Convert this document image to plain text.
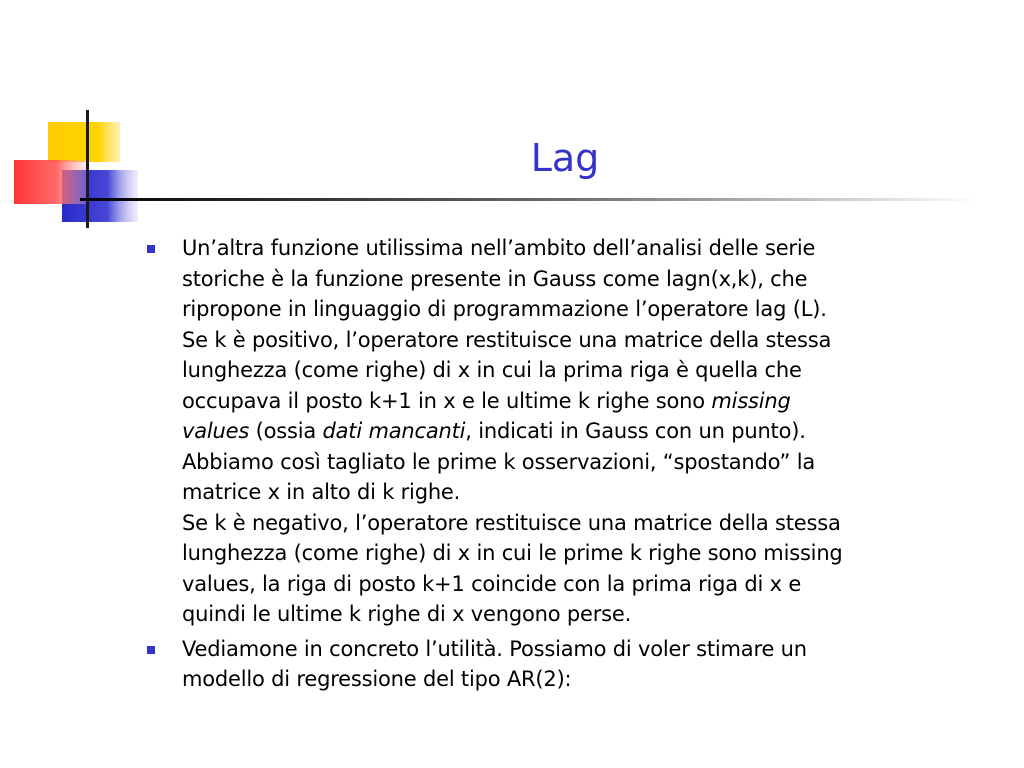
Lag
Un’altra funzione utilissima nell’ambito dell’analisi delle serie
storiche è la funzione presente in Gauss come lagn(x,k), che
ripropone in linguaggio di programmazione l’operatore lag (L).
Se k è positivo, l’operatore restituisce una matrice della stessa
lunghezza (come righe) di x in cui la prima riga è quella che
occupava il posto k+1 in x e le ultime k righe sono missing
values (ossia dati mancanti, indicati in Gauss con un punto).
Abbiamo così tagliato le prime k osservazioni, “spostando” la
matrice x in alto di k righe.
Se k è negativo, l’operatore restituisce una matrice della stessa
lunghezza (come righe) di x in cui le prime k righe sono missing
values, la riga di posto k+1 coincide con la prima riga di x e
quindi le ultime k righe di x vengono perse.
Vediamone in concreto l’utilità. Possiamo di voler stimare un
modello di regressione del tipo AR(2):
